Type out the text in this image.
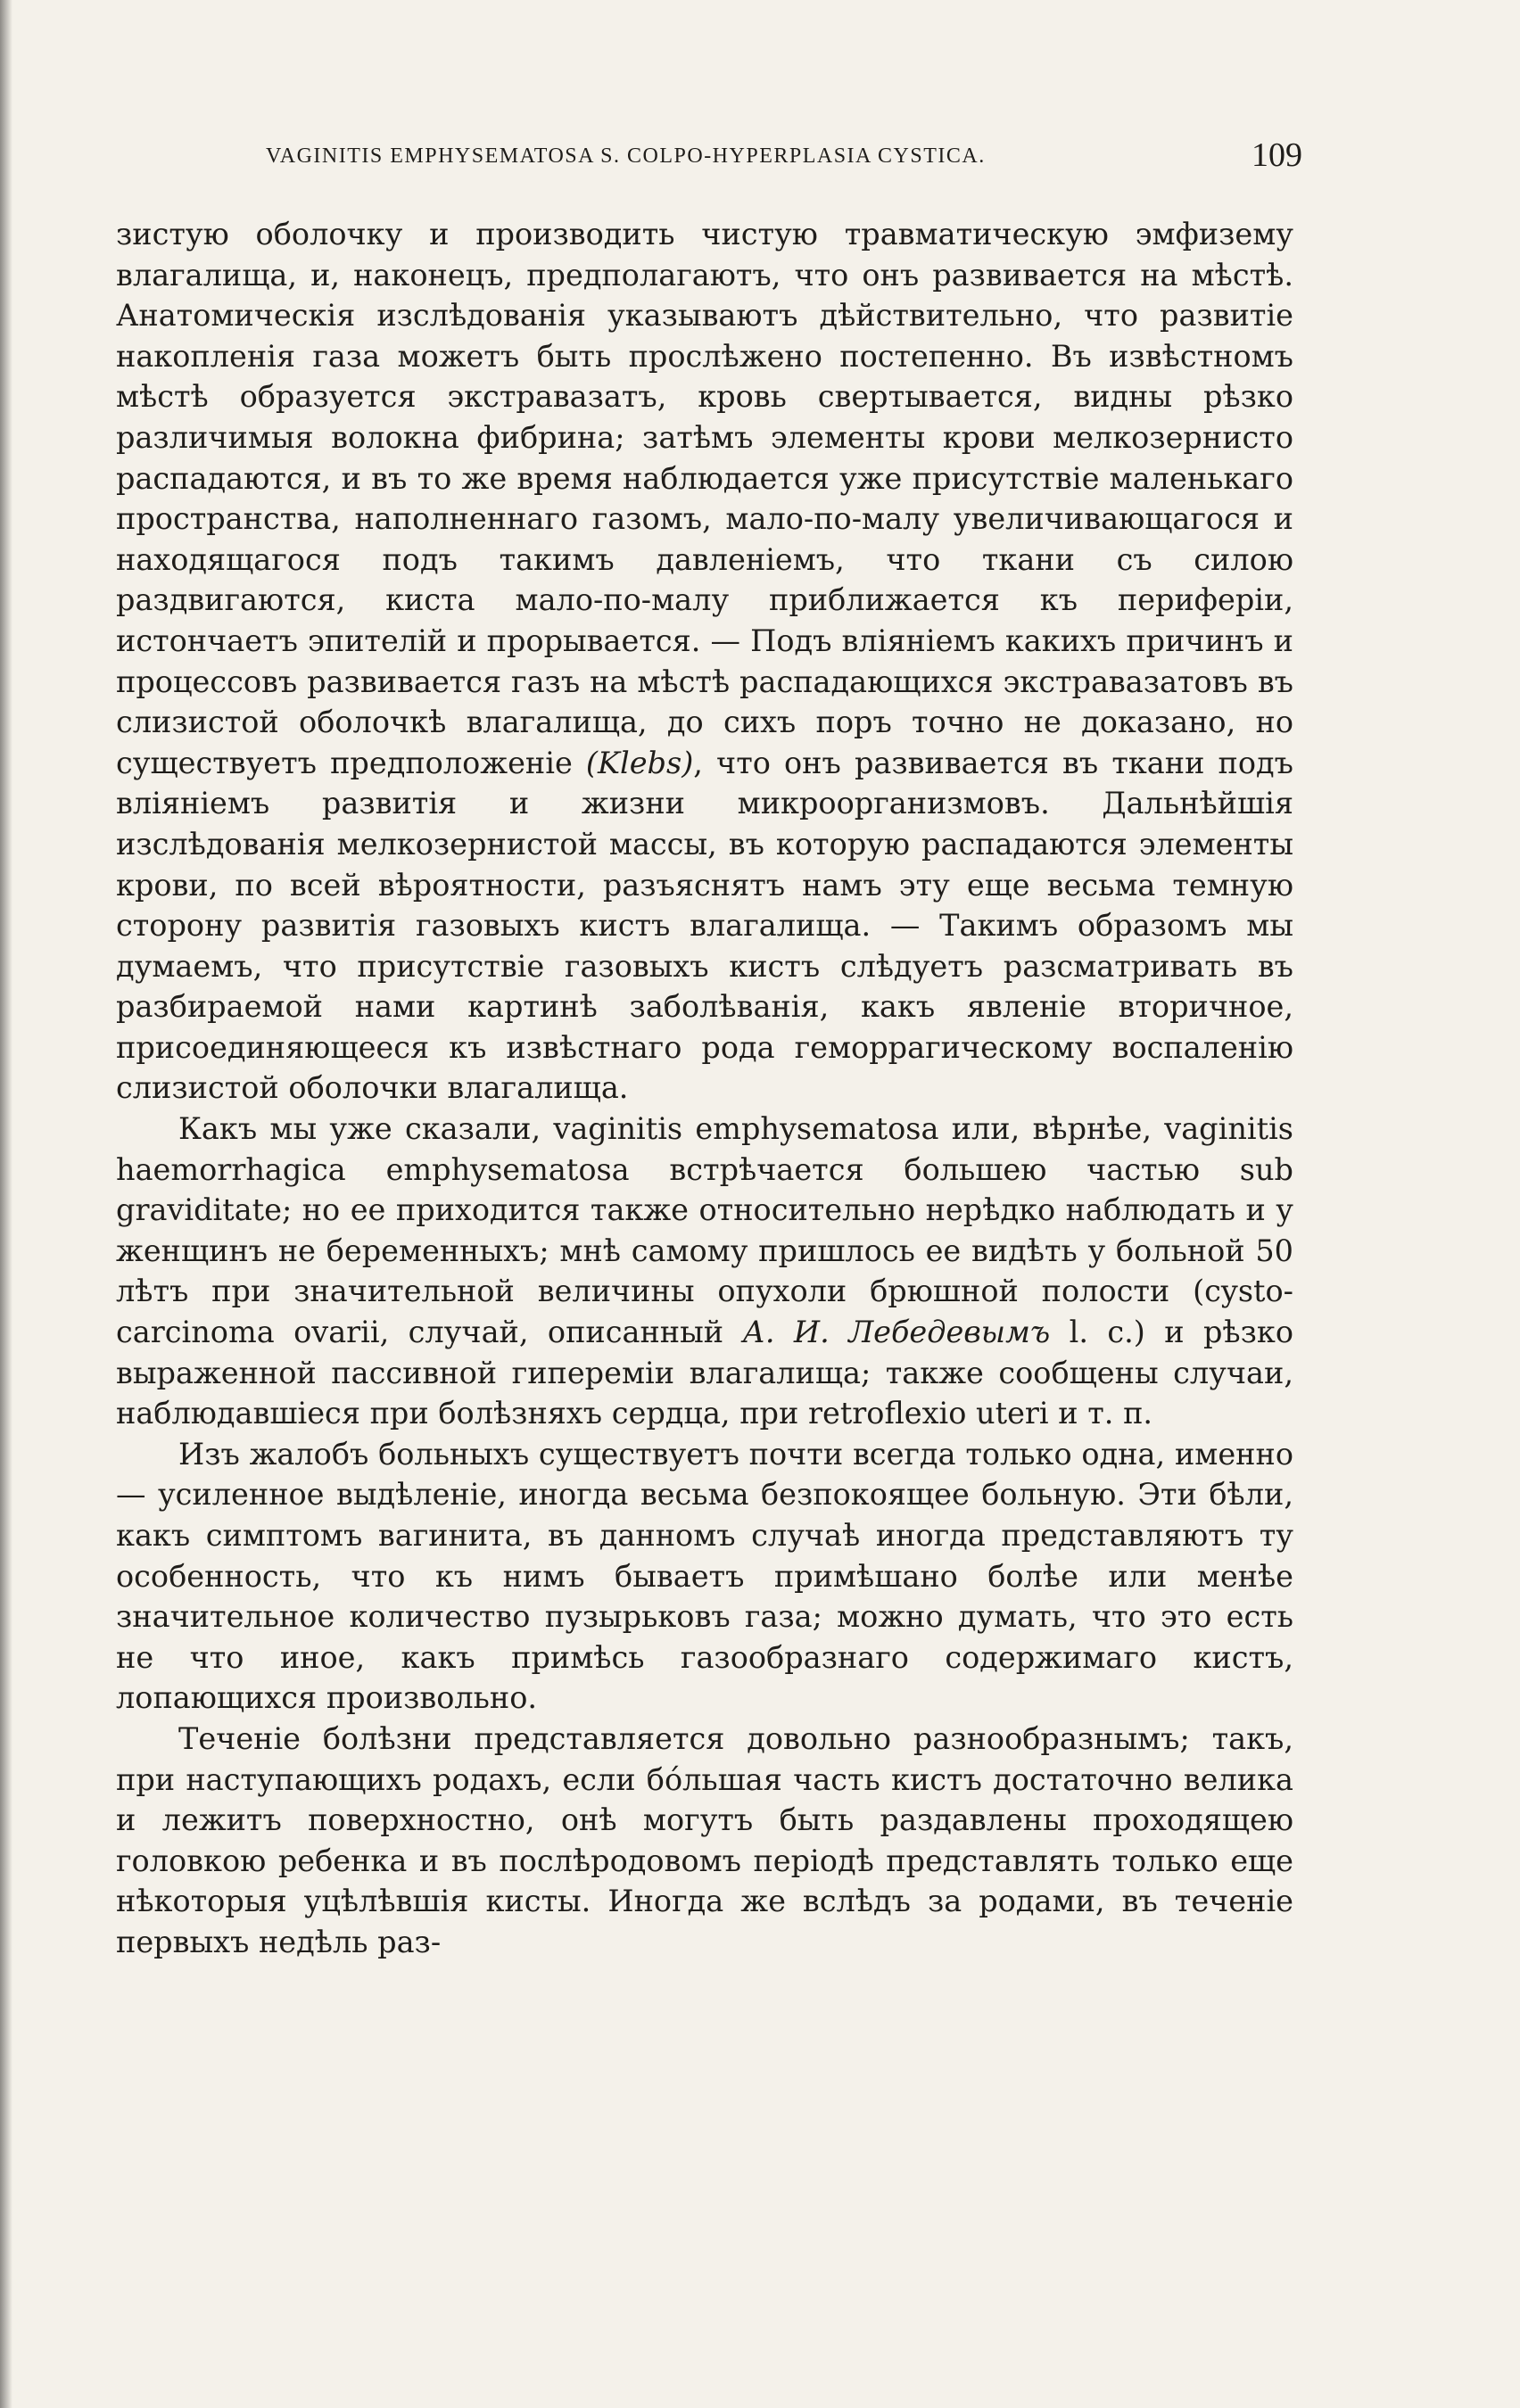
VAGINITIS EMPHYSEMATOSA S. COLPO-HYPERPLASIA CYSTICA.	109

зистую оболочку и производить чистую травматическую эмфизему влагалища, и, наконецъ, предполагаютъ, что онъ развивается на мѣстѣ. Анатомическія изслѣдованія указываютъ дѣйствительно, что развитіе накопленія газа можетъ быть прослѣжено постепенно. Въ извѣстномъ мѣстѣ образуется экстравазатъ, кровь свертывается, видны рѣзко различимыя волокна фибрина; затѣмъ элементы крови мелкозернисто распадаются, и въ то же время наблюдается уже присутствіе маленькаго пространства, наполненнаго газомъ, мало-по-малу увеличивающагося и находящагося подъ такимъ давленіемъ, что ткани съ силою раздвигаются, киста мало-по-малу приближается къ периферіи, истончаетъ эпителій и прорывается. — Подъ вліяніемъ какихъ причинъ и процессовъ развивается газъ на мѣстѣ распадающихся экстравазатовъ въ слизистой оболочкѣ влагалища, до сихъ поръ точно не доказано, но существуетъ предположеніе (Klebs), что онъ развивается въ ткани подъ вліяніемъ развитія и жизни микроорганизмовъ. Дальнѣйшія изслѣдованія мелкозернистой массы, въ которую распадаются элементы крови, по всей вѣроятности, разъяснятъ намъ эту еще весьма темную сторону развитія газовыхъ кистъ влагалища. — Такимъ образомъ мы думаемъ, что присутствіе газовыхъ кистъ слѣдуетъ разсматривать въ разбираемой нами картинѣ заболѣванія, какъ явленіе вторичное, присоединяющееся къ извѣстнаго рода геморрагическому воспаленію слизистой оболочки влагалища.

Какъ мы уже сказали, vaginitis emphysematosa или, вѣрнѣе, vaginitis haemorrhagica emphysematosa встрѣчается большею частью sub graviditate; но ее приходится также относительно нерѣдко наблюдать и у женщинъ не беременныхъ; мнѣ самому пришлось ее видѣть у больной 50 лѣтъ при значительной величины опухоли брюшной полости (cysto-carcinoma ovarii, случай, описанный А. И. Лебедевымъ l. с.) и рѣзко выраженной пассивной гипереміи влагалища; также сообщены случаи, наблюдавшіеся при болѣзняхъ сердца, при retroflexio uteri и т. п.

Изъ жалобъ больныхъ существуетъ почти всегда только одна, именно — усиленное выдѣленіе, иногда весьма безпокоящее больную. Эти бѣли, какъ симптомъ вагинита, въ данномъ случаѣ иногда представляютъ ту особенность, что къ нимъ бываетъ примѣшано болѣе или менѣе значительное количество пузырьковъ газа; можно думать, что это есть не что иное, какъ примѣсь газообразнаго содержимаго кистъ, лопающихся произвольно.

Теченіе болѣзни представляется довольно разнообразнымъ; такъ, при наступающихъ родахъ, если бо́льшая часть кистъ достаточно велика и лежитъ поверхностно, онѣ могутъ быть раздавлены проходящею головкою ребенка и въ послѣродовомъ періодѣ представлять только еще нѣкоторыя уцѣлѣвшія кисты. Иногда же вслѣдъ за родами, въ теченіе первыхъ недѣль раз-
